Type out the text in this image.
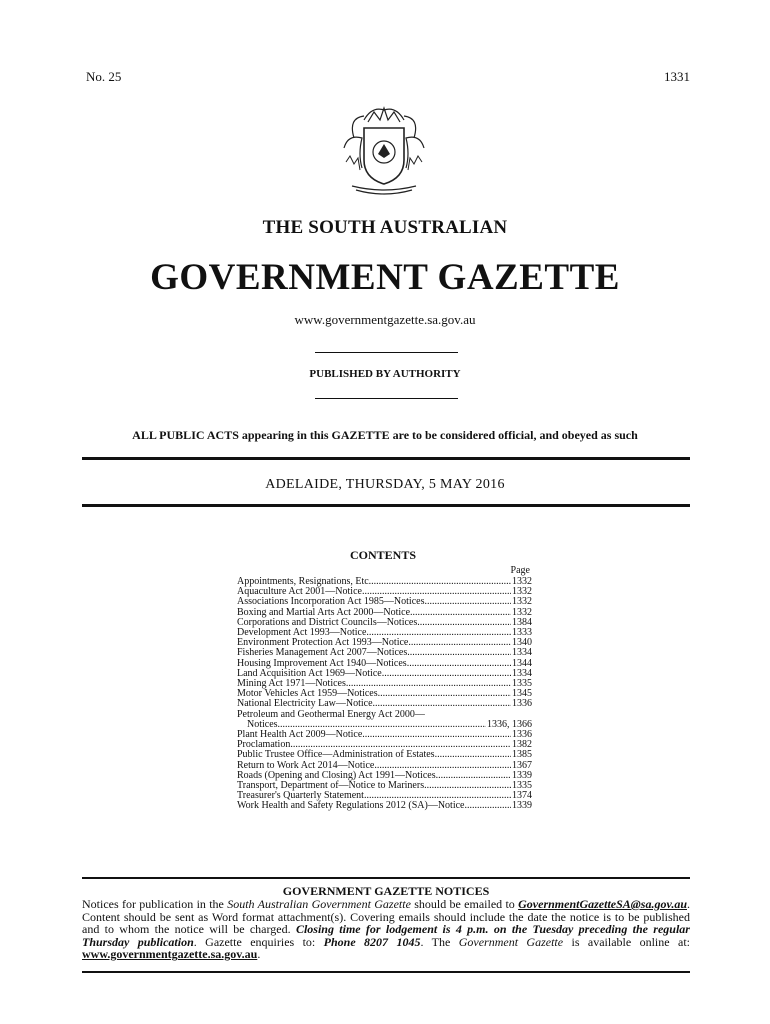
No. 25	1331
THE SOUTH AUSTRALIAN
GOVERNMENT GAZETTE
www.governmentgazette.sa.gov.au
PUBLISHED BY AUTHORITY
ALL PUBLIC ACTS appearing in this GAZETTE are to be considered official, and obeyed as such
ADELAIDE, THURSDAY, 5 MAY 2016
CONTENTS
Page
Appointments, Resignations, Etc. .....	1332
Aquaculture Act 2001—Notice .....	1332
Associations Incorporation Act 1985—Notices .....	1332
Boxing and Martial Arts Act 2000—Notice .....	1332
Corporations and District Councils—Notices .....	1384
Development Act 1993—Notice .....	1333
Environment Protection Act 1993—Notice .....	1340
Fisheries Management Act 2007—Notices .....	1334
Housing Improvement Act 1940—Notices .....	1344
Land Acquisition Act 1969—Notice .....	1334
Mining Act 1971—Notices .....	1335
Motor Vehicles Act 1959—Notices .....	1345
National Electricity Law—Notice .....	1336
Petroleum and Geothermal Energy Act 2000—
Notices .....	1336, 1366
Plant Health Act 2009—Notice .....	1336
Proclamation .....	1382
Public Trustee Office—Administration of Estates .....	1385
Return to Work Act 2014—Notice .....	1367
Roads (Opening and Closing) Act 1991—Notices .....	1339
Transport, Department of—Notice to Mariners .....	1335
Treasurer's Quarterly Statement .....	1374
Work Health and Safety Regulations 2012 (SA)—Notice .....	1339
GOVERNMENT GAZETTE NOTICES
Notices for publication in the South Australian Government Gazette should be emailed to GovernmentGazetteSA@sa.gov.au. Content should be sent as Word format attachment(s). Covering emails should include the date the notice is to be published and to whom the notice will be charged. Closing time for lodgement is 4 p.m. on the Tuesday preceding the regular Thursday publication. Gazette enquiries to: Phone 8207 1045. The Government Gazette is available online at: www.governmentgazette.sa.gov.au.
